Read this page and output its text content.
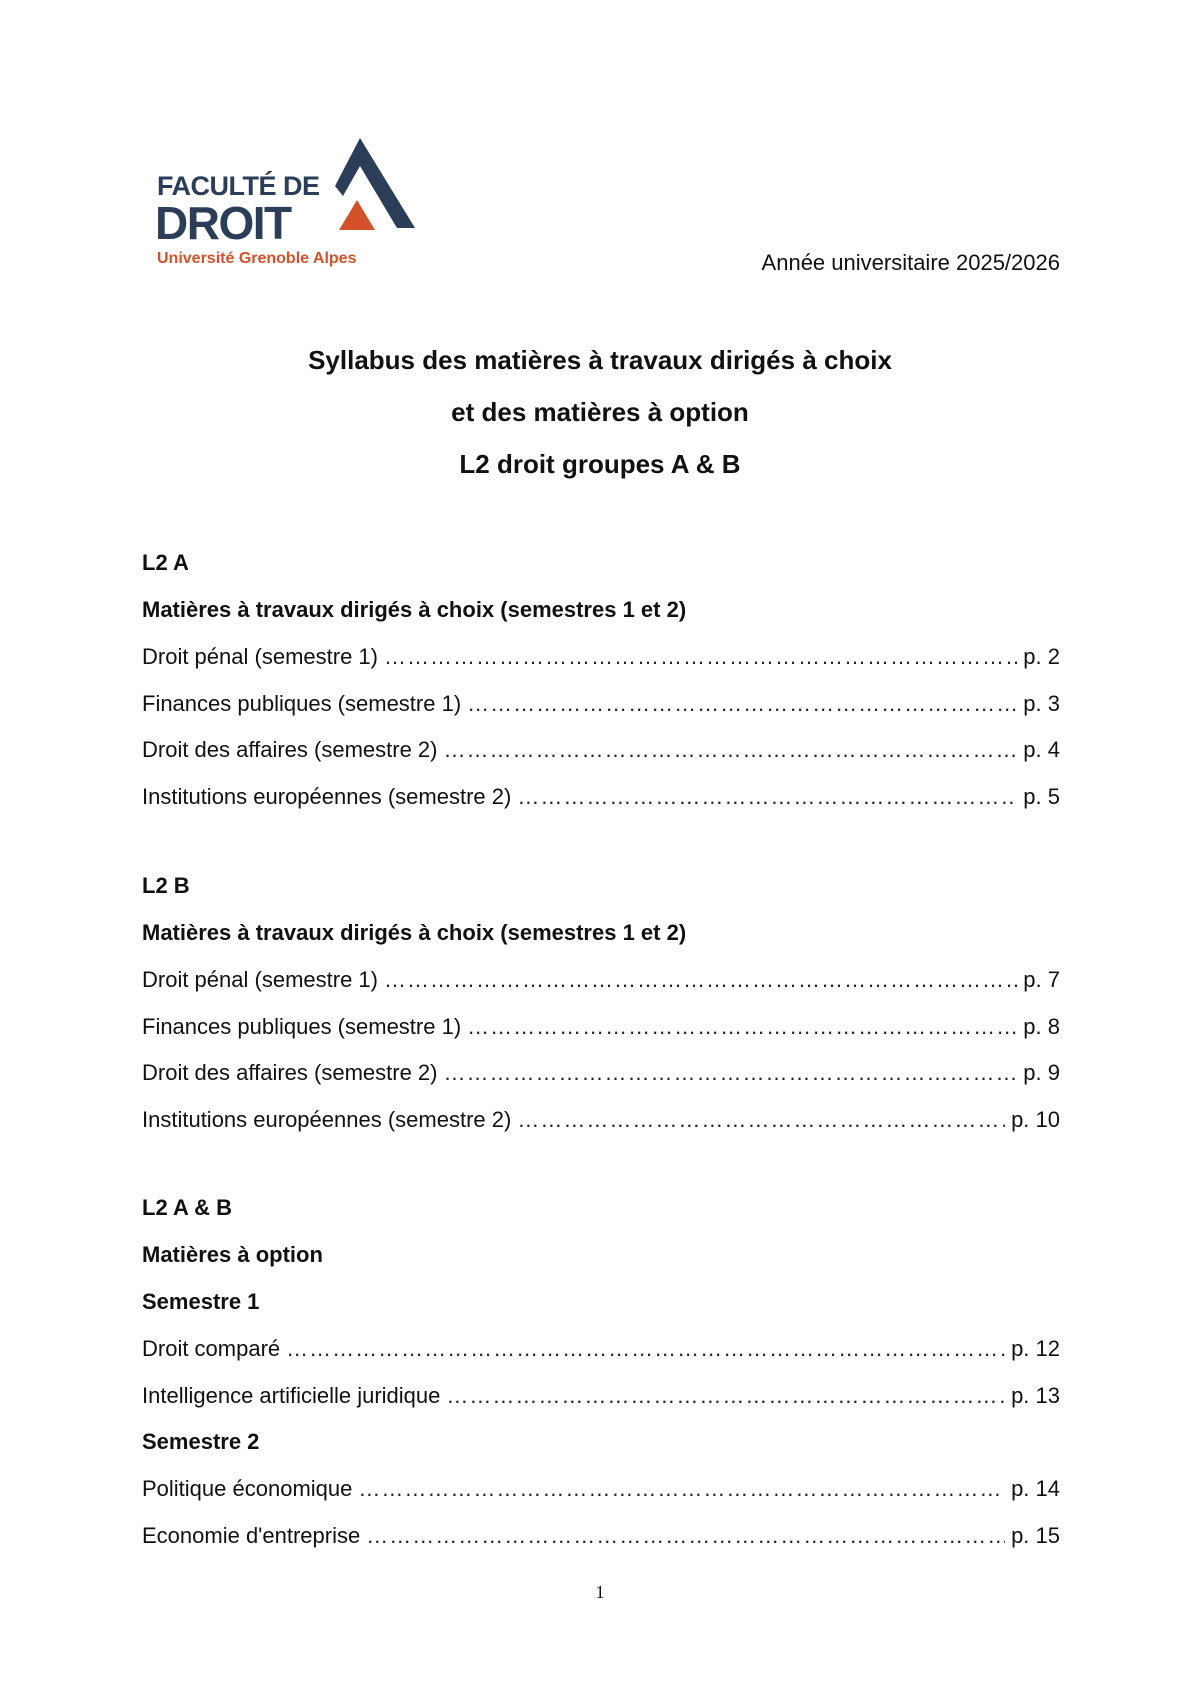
FACULTÉ DE
DROIT
Université Grenoble Alpes	Année universitaire 2025/2026
Syllabus des matières à travaux dirigés à choix
et des matières à option
L2 droit groupes A & B
L2 A
Matières à travaux dirigés à choix (semestres 1 et 2)
Droit pénal (semestre 1) ……………………………………………………………………………………………………………………………………………………………………………	p. 2
Finances publiques (semestre 1) ……………………………………………………………………………………………………………………………………………………………………………	p. 3
Droit des affaires (semestre 2) ……………………………………………………………………………………………………………………………………………………………………………	p. 4
Institutions européennes (semestre 2) ……………………………………………………………………………………………………………………………………………………………………………	p. 5
L2 B
Matières à travaux dirigés à choix (semestres 1 et 2)
Droit pénal (semestre 1) ……………………………………………………………………………………………………………………………………………………………………………	p. 7
Finances publiques (semestre 1) ……………………………………………………………………………………………………………………………………………………………………………	p. 8
Droit des affaires (semestre 2) ……………………………………………………………………………………………………………………………………………………………………………	p. 9
Institutions européennes (semestre 2) ……………………………………………………………………………………………………………………………………………………………………………	p. 10
L2 A & B
Matières à option
Semestre 1
Droit comparé ……………………………………………………………………………………………………………………………………………………………………………	p. 12
Intelligence artificielle juridique ……………………………………………………………………………………………………………………………………………………………………………	p. 13
Semestre 2
Politique économique ……………………………………………………………………………………………………………………………………………………………………………	p. 14
Economie d'entreprise ……………………………………………………………………………………………………………………………………………………………………………	p. 15
1
